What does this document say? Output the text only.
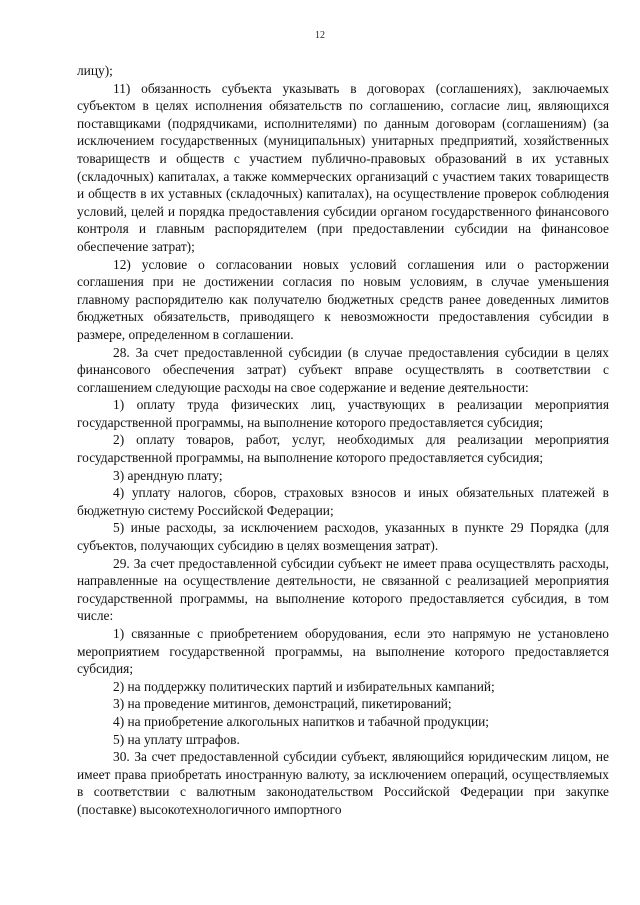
12

лицу);

11) обязанность субъекта указывать в договорах (соглашениях), заключаемых субъектом в целях исполнения обязательств по соглашению, согласие лиц, являющихся поставщиками (подрядчиками, исполнителями) по данным договорам (соглашениям) (за исключением государственных (муниципальных) унитарных предприятий, хозяйственных товариществ и обществ с участием публично-правовых образований в их уставных (складочных) капиталах, а также коммерческих организаций с участием таких товариществ и обществ в их уставных (складочных) капиталах), на осуществление проверок соблюдения условий, целей и порядка предоставления субсидии органом государственного финансового контроля и главным распорядителем (при предоставлении субсидии на финансовое обеспечение затрат);

12) условие о согласовании новых условий соглашения или о расторжении соглашения при не достижении согласия по новым условиям, в случае уменьшения главному распорядителю как получателю бюджетных средств ранее доведенных лимитов бюджетных обязательств, приводящего к невозможности предоставления субсидии в размере, определенном в соглашении.

28. За счет предоставленной субсидии (в случае предоставления субсидии в целях финансового обеспечения затрат) субъект вправе осуществлять в соответствии с соглашением следующие расходы на свое содержание и ведение деятельности:

1) оплату труда физических лиц, участвующих в реализации мероприятия государственной программы, на выполнение которого предоставляется субсидия;

2) оплату товаров, работ, услуг, необходимых для реализации мероприятия государственной программы, на выполнение которого предоставляется субсидия;

3) арендную плату;

4) уплату налогов, сборов, страховых взносов и иных обязательных платежей в бюджетную систему Российской Федерации;

5) иные расходы, за исключением расходов, указанных в пункте 29 Порядка (для субъектов, получающих субсидию в целях возмещения затрат).

29. За счет предоставленной субсидии субъект не имеет права осуществлять расходы, направленные на осуществление деятельности, не связанной с реализацией мероприятия государственной программы, на выполнение которого предоставляется субсидия, в том числе:

1) связанные с приобретением оборудования, если это напрямую не установлено мероприятием государственной программы, на выполнение которого предоставляется субсидия;

2) на поддержку политических партий и избирательных кампаний;

3) на проведение митингов, демонстраций, пикетирований;

4) на приобретение алкогольных напитков и табачной продукции;

5) на уплату штрафов.

30. За счет предоставленной субсидии субъект, являющийся юридическим лицом, не имеет права приобретать иностранную валюту, за исключением операций, осуществляемых в соответствии с валютным законодательством Российской Федерации при закупке (поставке) высокотехнологичного импортного
